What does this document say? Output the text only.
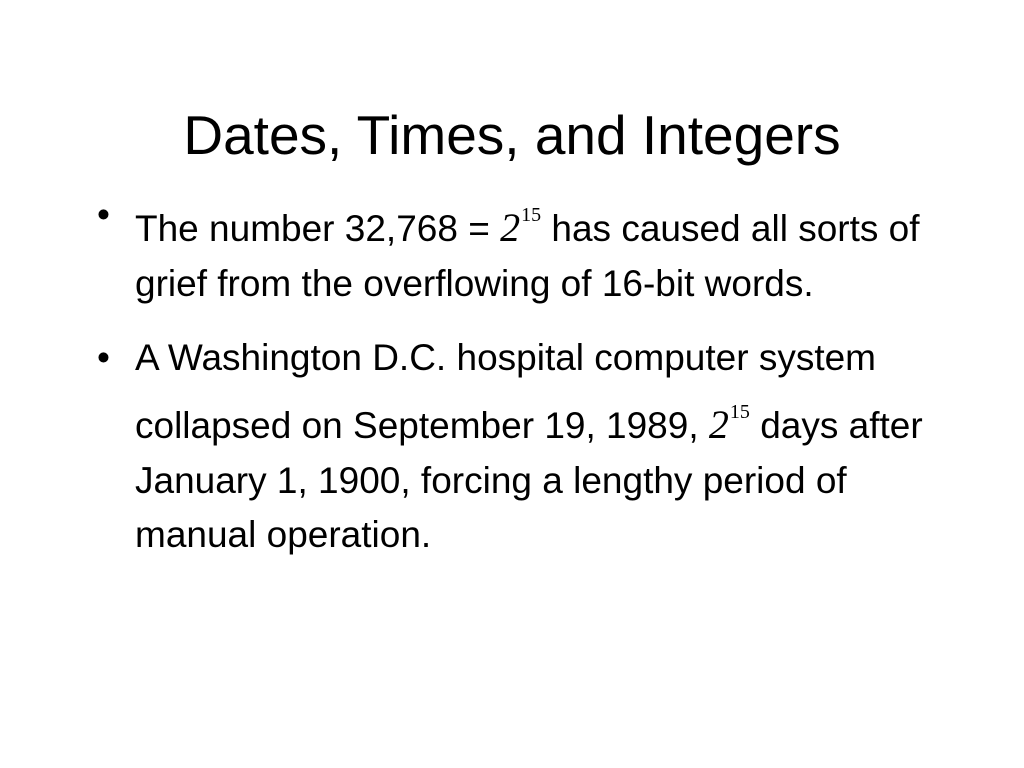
Dates, Times, and Integers
• The number $32,768 = 2^{15}$ has caused all sorts of grief from the overflowing of 16-bit words.
• A Washington D.C. hospital computer system collapsed on September 19, 1989, $2^{15}$ days after January 1, 1900, forcing a lengthy period of manual operation.
